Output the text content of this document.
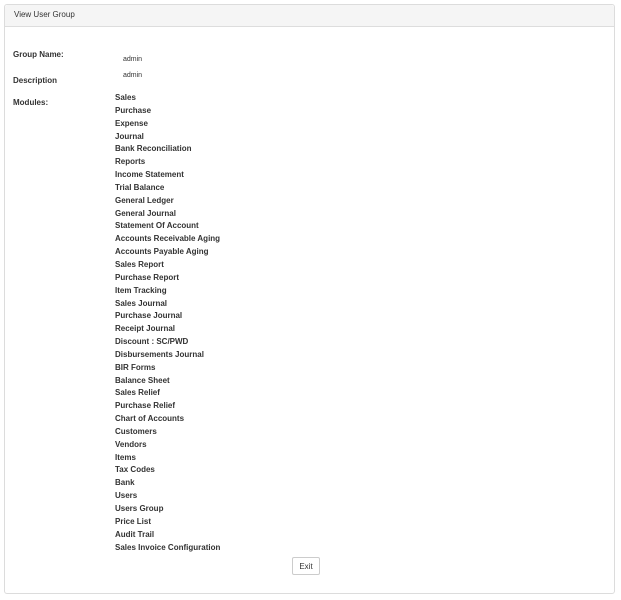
View User Group
Group Name:
admin
Description
admin
Modules:
Sales
Purchase
Expense
Journal
Bank Reconciliation
Reports
Income Statement
Trial Balance
General Ledger
General Journal
Statement Of Account
Accounts Receivable Aging
Accounts Payable Aging
Sales Report
Purchase Report
Item Tracking
Sales Journal
Purchase Journal
Receipt Journal
Discount : SC/PWD
Disbursements Journal
BIR Forms
Balance Sheet
Sales Relief
Purchase Relief
Chart of Accounts
Customers
Vendors
Items
Tax Codes
Bank
Users
Users Group
Price List
Audit Trail
Sales Invoice Configuration
Exit
